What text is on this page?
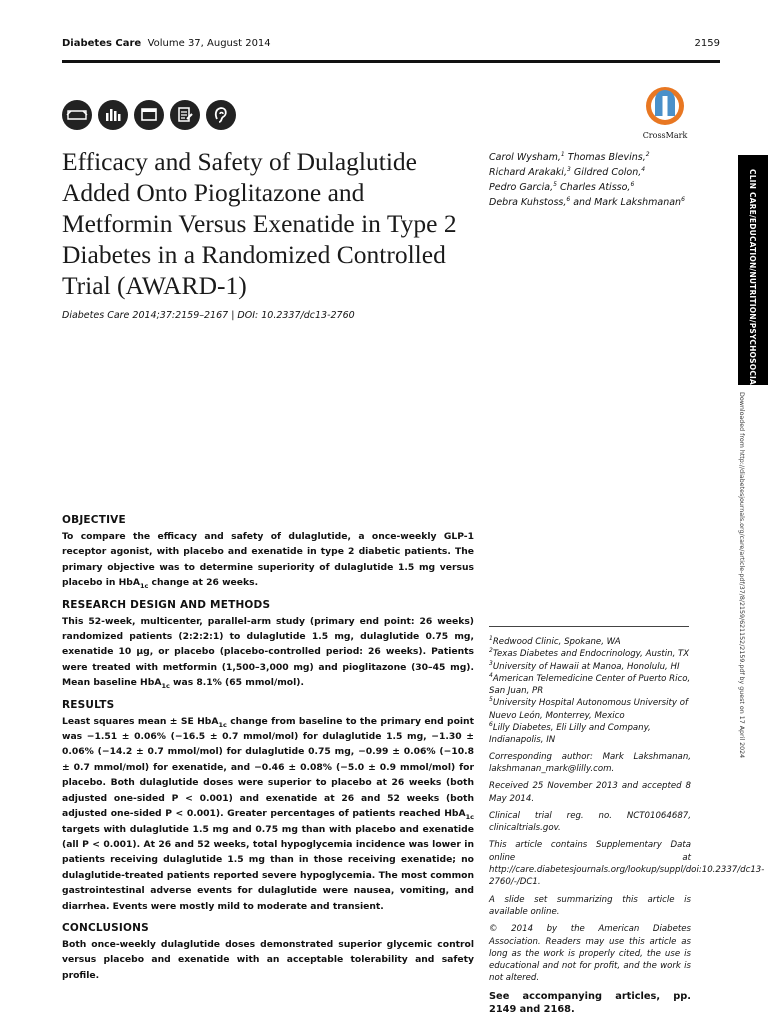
Diabetes Care Volume 37, August 2014	2159
CrossMark
Efficacy and Safety of Dulaglutide Added Onto Pioglitazone and Metformin Versus Exenatide in Type 2 Diabetes in a Randomized Controlled Trial (AWARD-1)
Diabetes Care 2014;37:2159–2167 | DOI: 10.2337/dc13-2760
Carol Wysham,$^1$ Thomas Blevins,$^2$
Richard Arakaki,$^3$ Gildred Colon,$^4$
Pedro Garcia,$^5$ Charles Atisso,$^6$
Debra Kuhstoss,$^6$ and Mark Lakshmanan$^6$	CLIN CARE/EDUCATION/NUTRITION/PSYCHOSOCIAL
Downloaded from http://diabetesjournals.org/care/article-pdf/37/8/2159/621152/2159.pdf by guest on 17 April 2024
OBJECTIVE

To compare the efficacy and safety of dulaglutide, a once-weekly GLP-1 receptor agonist, with placebo and exenatide in type 2 diabetic patients. The primary objective was to determine superiority of dulaglutide 1.5 mg versus placebo in HbA$_{1c}$ change at 26 weeks.

RESEARCH DESIGN AND METHODS

This 52-week, multicenter, parallel-arm study (primary end point: 26 weeks) randomized patients (2:2:2:1) to dulaglutide 1.5 mg, dulaglutide 0.75 mg, exenatide 10 μg, or placebo (placebo-controlled period: 26 weeks). Patients were treated with metformin (1,500–3,000 mg) and pioglitazone (30–45 mg). Mean baseline HbA$_{1c}$ was 8.1% (65 mmol/mol).

RESULTS

Least squares mean ± SE HbA$_{1c}$ change from baseline to the primary end point was −1.51 ± 0.06% (−16.5 ± 0.7 mmol/mol) for dulaglutide 1.5 mg, −1.30 ± 0.06% (−14.2 ± 0.7 mmol/mol) for dulaglutide 0.75 mg, −0.99 ± 0.06% (−10.8 ± 0.7 mmol/mol) for exenatide, and −0.46 ± 0.08% (−5.0 ± 0.9 mmol/mol) for placebo. Both dulaglutide doses were superior to placebo at 26 weeks (both adjusted one-sided P < 0.001) and exenatide at 26 and 52 weeks (both adjusted one-sided P < 0.001). Greater percentages of patients reached HbA$_{1c}$ targets with dulaglutide 1.5 mg and 0.75 mg than with placebo and exenatide (all P < 0.001). At 26 and 52 weeks, total hypoglycemia incidence was lower in patients receiving dulaglutide 1.5 mg than in those receiving exenatide; no dulaglutide-treated patients reported severe hypoglycemia. The most common gastrointestinal adverse events for dulaglutide were nausea, vomiting, and diarrhea. Events were mostly mild to moderate and transient.

CONCLUSIONS

Both once-weekly dulaglutide doses demonstrated superior glycemic control versus placebo and exenatide with an acceptable tolerability and safety profile.

$^1$Redwood Clinic, Spokane, WA
$^2$Texas Diabetes and Endocrinology, Austin, TX
$^3$University of Hawaii at Manoa, Honolulu, HI
$^4$American Telemedicine Center of Puerto Rico, San Juan, PR
$^5$University Hospital Autonomous University of Nuevo León, Monterrey, Mexico
$^6$Lilly Diabetes, Eli Lilly and Company, Indianapolis, IN

Corresponding author: Mark Lakshmanan, lakshmanan_mark@lilly.com.

Received 25 November 2013 and accepted 8 May 2014.

Clinical trial reg. no. NCT01064687, clinicaltrials.gov.

This article contains Supplementary Data online at http://care.diabetesjournals.org/lookup/suppl/doi:10.2337/dc13-2760/-/DC1.

A slide set summarizing this article is available online.

© 2014 by the American Diabetes Association. Readers may use this article as long as the work is properly cited, the use is educational and not for profit, and the work is not altered.

See accompanying articles, pp. 2149 and 2168.
